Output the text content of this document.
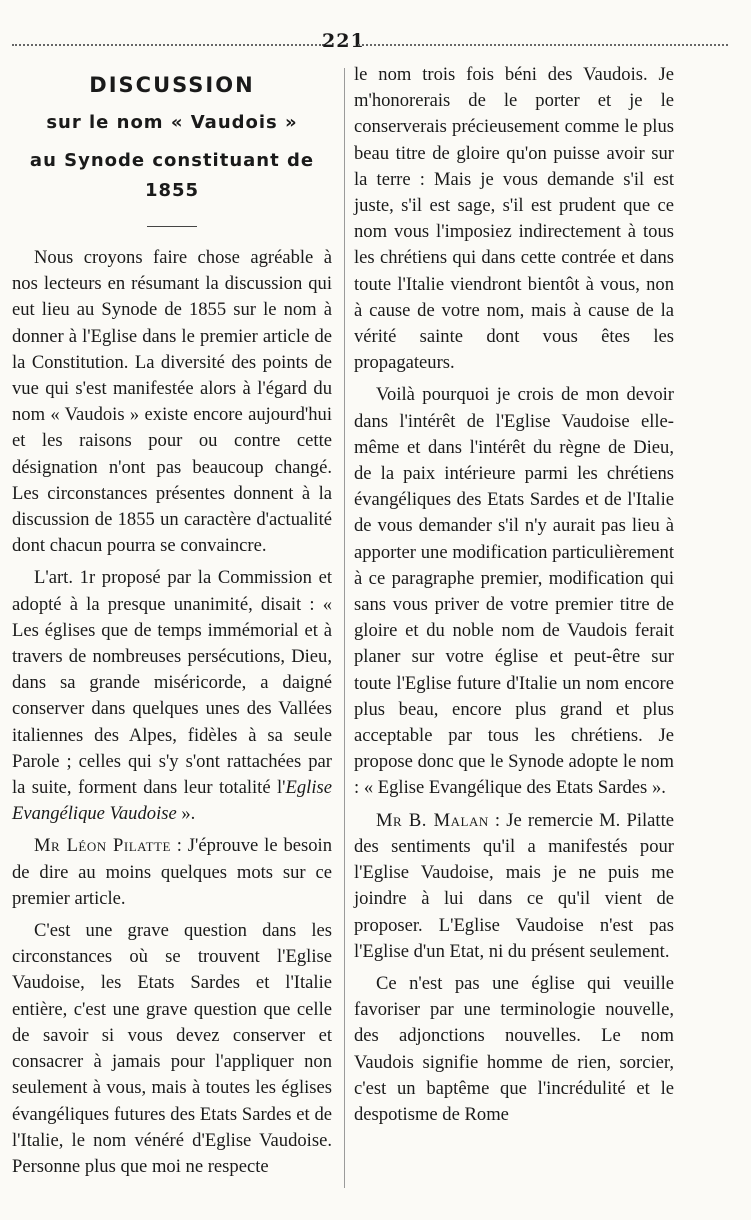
221
DISCUSSION
sur le nom « Vaudois »
au Synode constituant de 1855

Nous croyons faire chose agréable à nos lecteurs en résumant la discussion qui eut lieu au Synode de 1855 sur le nom à donner à l'Eglise dans le premier article de la Constitution. La diversité des points de vue qui s'est manifestée alors à l'égard du nom « Vaudois » existe encore aujourd'hui et les raisons pour ou contre cette désignation n'ont pas beaucoup changé. Les circonstances présentes donnent à la discussion de 1855 un caractère d'actualité dont chacun pourra se convaincre.

L'art. 1r proposé par la Commission et adopté à la presque unanimité, disait : « Les églises que de temps immémorial et à travers de nombreuses persécutions, Dieu, dans sa grande miséricorde, a daigné conserver dans quelques unes des Vallées italiennes des Alpes, fidèles à sa seule Parole ; celles qui s'y s'ont rattachées par la suite, forment dans leur totalité l'Eglise Evangélique Vaudoise ».

Mr Léon Pilatte : J'éprouve le besoin de dire au moins quelques mots sur ce premier article.

C'est une grave question dans les circonstances où se trouvent l'Eglise Vaudoise, les Etats Sardes et l'Italie entière, c'est une grave question que celle de savoir si vous devez conserver et consacrer à jamais pour l'appliquer non seulement à vous, mais à toutes les églises évangéliques futures des Etats Sardes et de l'Italie, le nom vénéré d'Eglise Vaudoise. Personne plus que moi ne respecte

le nom trois fois béni des Vaudois. Je m'honorerais de le porter et je le conserverais précieusement comme le plus beau titre de gloire qu'on puisse avoir sur la terre : Mais je vous demande s'il est juste, s'il est sage, s'il est prudent que ce nom vous l'imposiez indirectement à tous les chrétiens qui dans cette contrée et dans toute l'Italie viendront bientôt à vous, non à cause de votre nom, mais à cause de la vérité sainte dont vous êtes les propagateurs.

Voilà pourquoi je crois de mon devoir dans l'intérêt de l'Eglise Vaudoise elle-même et dans l'intérêt du règne de Dieu, de la paix intérieure parmi les chrétiens évangéliques des Etats Sardes et de l'Italie de vous demander s'il n'y aurait pas lieu à apporter une modification particulièrement à ce paragraphe premier, modification qui sans vous priver de votre premier titre de gloire et du noble nom de Vaudois ferait planer sur votre église et peut-être sur toute l'Eglise future d'Italie un nom encore plus beau, encore plus grand et plus acceptable par tous les chrétiens. Je propose donc que le Synode adopte le nom : « Eglise Evangélique des Etats Sardes ».

Mr B. Malan : Je remercie M. Pilatte des sentiments qu'il a manifestés pour l'Eglise Vaudoise, mais je ne puis me joindre à lui dans ce qu'il vient de proposer. L'Eglise Vaudoise n'est pas l'Eglise d'un Etat, ni du présent seulement.

Ce n'est pas une église qui veuille favoriser par une terminologie nouvelle, des adjonctions nouvelles. Le nom Vaudois signifie homme de rien, sorcier, c'est un baptême que l'incrédulité et le despotisme de Rome
